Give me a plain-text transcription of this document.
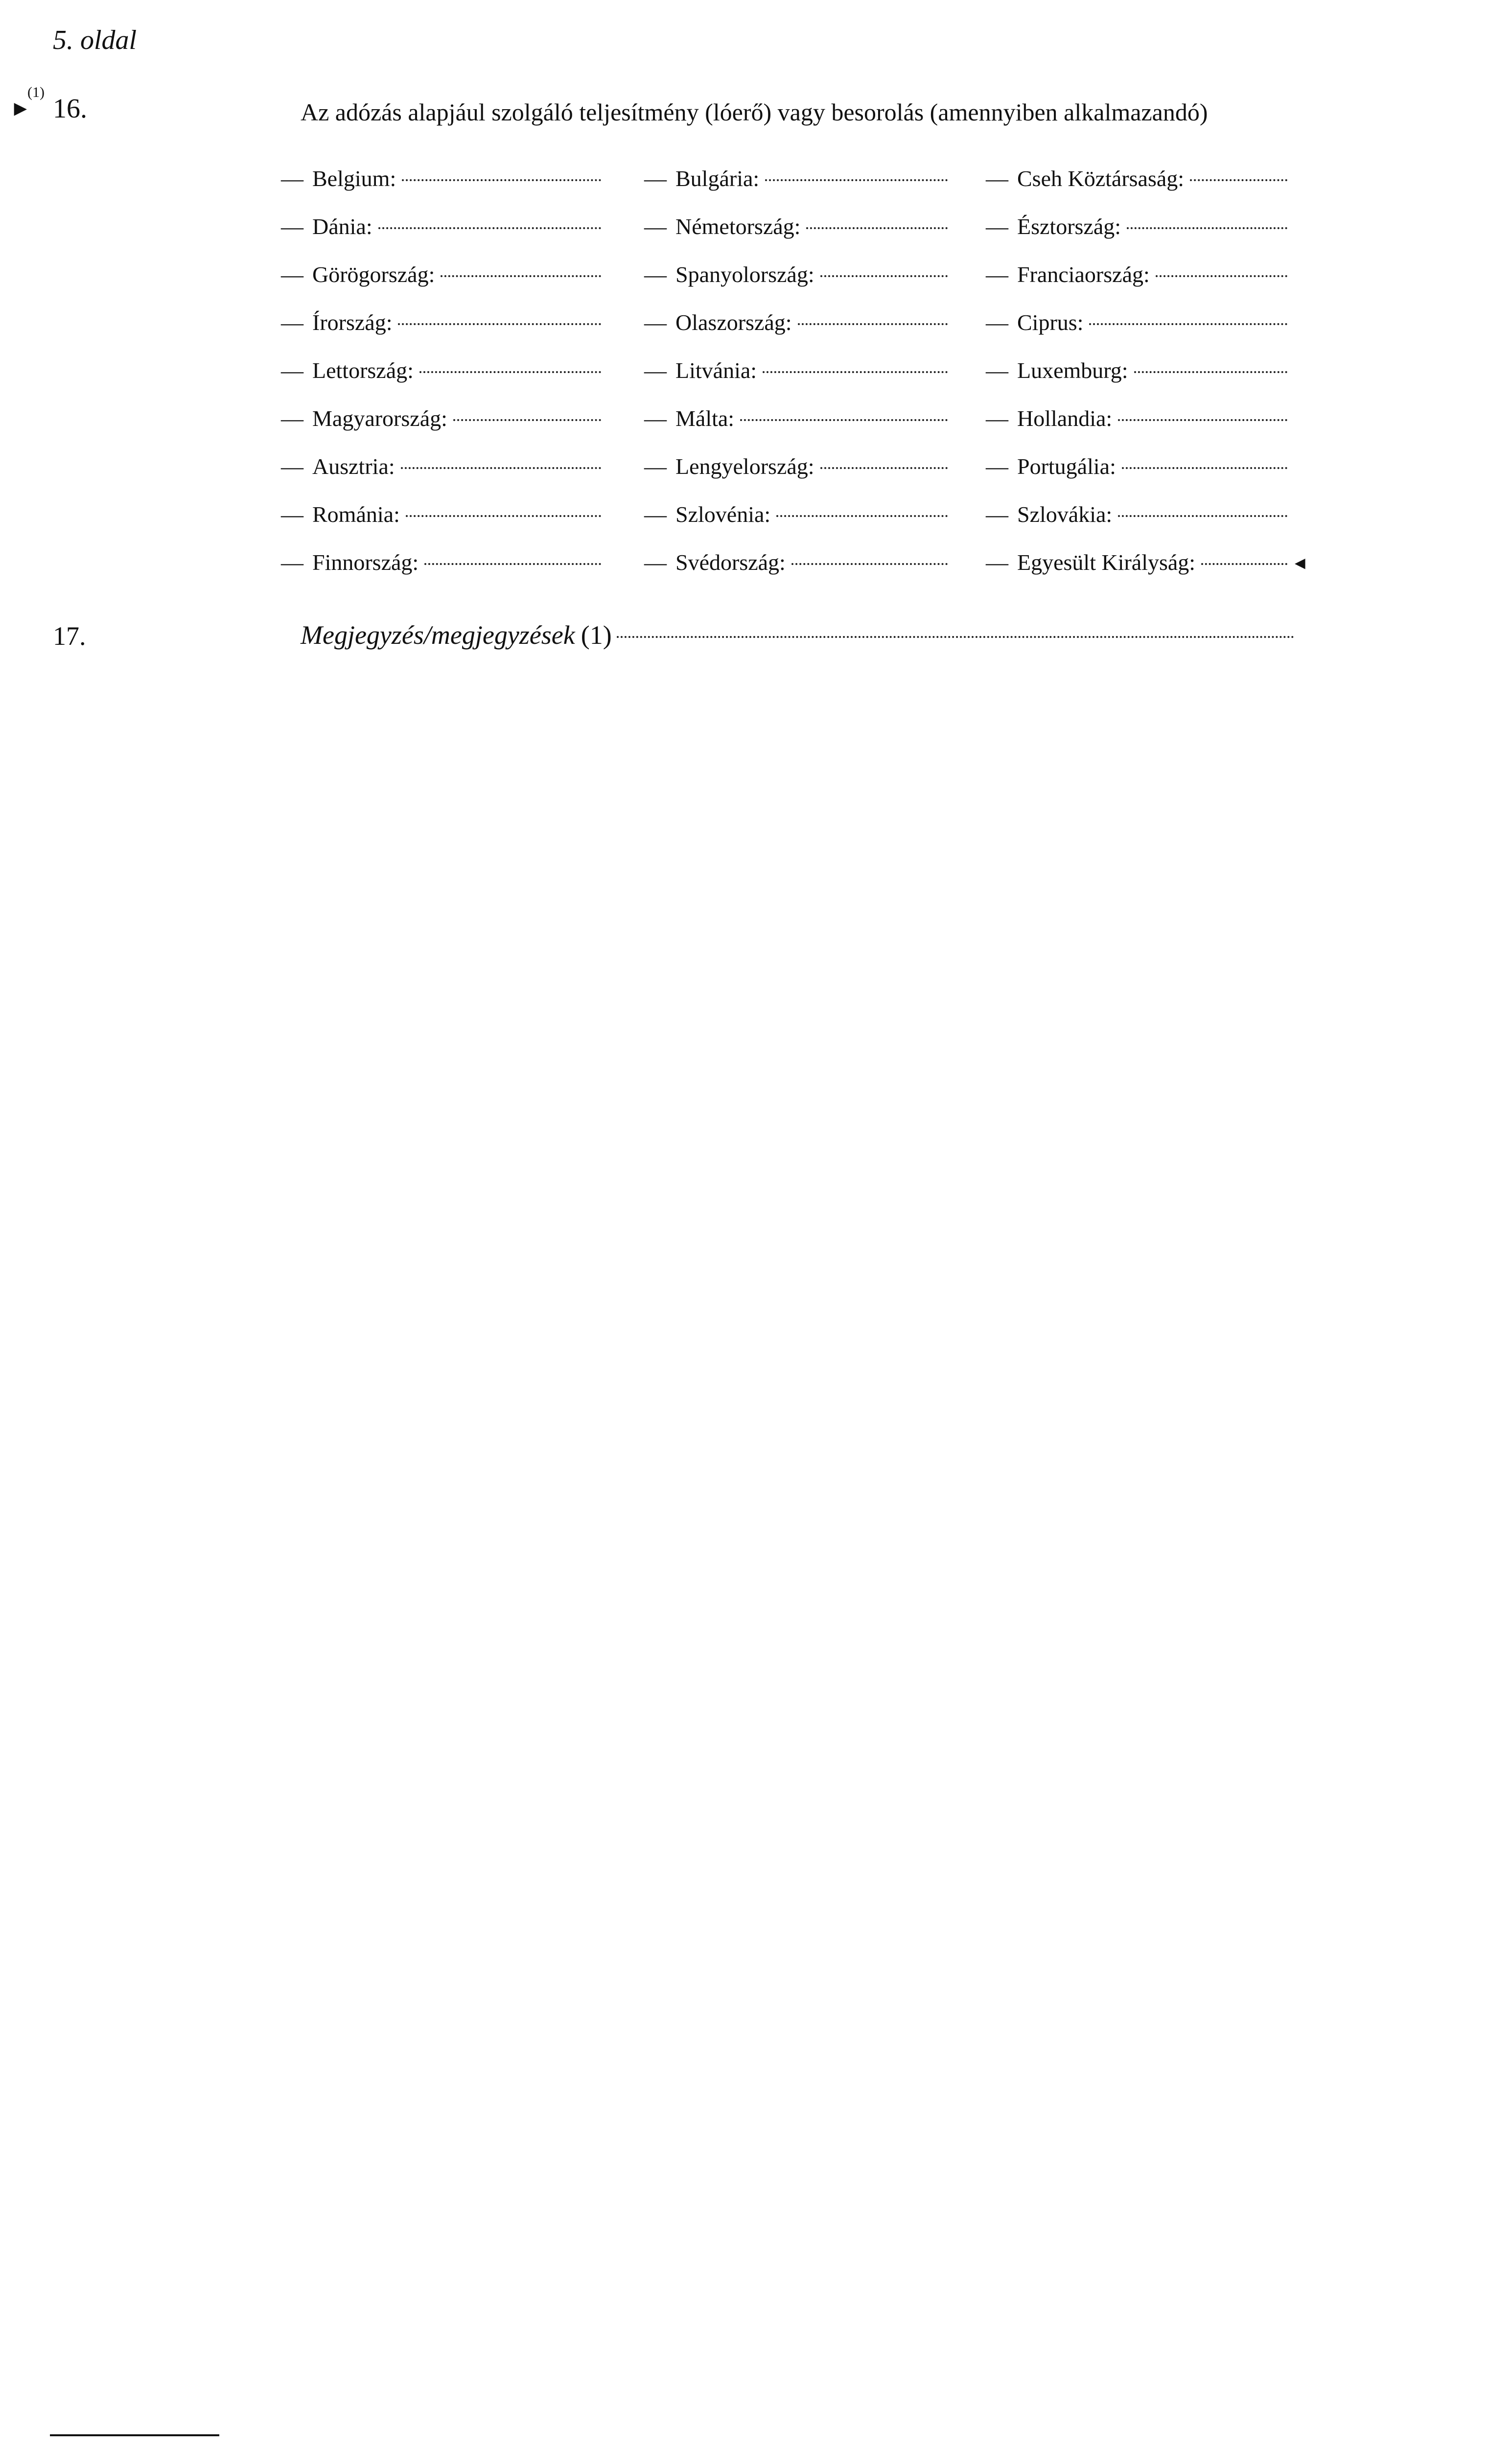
5. oldal
►
(1)
16.	Az adózás alapjául szolgáló teljesítmény (lóerő) vagy besorolás (amennyiben alkalmazandó)
— Belgium:	— Bulgária:	— Cseh Köztársaság:
— Dánia:	— Németország:	— Észtország:
— Görögország:	— Spanyolország:	— Franciaország:
— Írország:	— Olaszország:	— Ciprus:
— Lettország:	— Litvánia:	— Luxemburg:
— Magyarország:	— Málta:	— Hollandia:
— Ausztria:	— Lengyelország:	— Portugália:
— Románia:	— Szlovénia:	— Szlovákia:
— Finnország:	— Svédország:	— Egyesült Királyság:	◄
17.	Megjegyzés/megjegyzések (1)
